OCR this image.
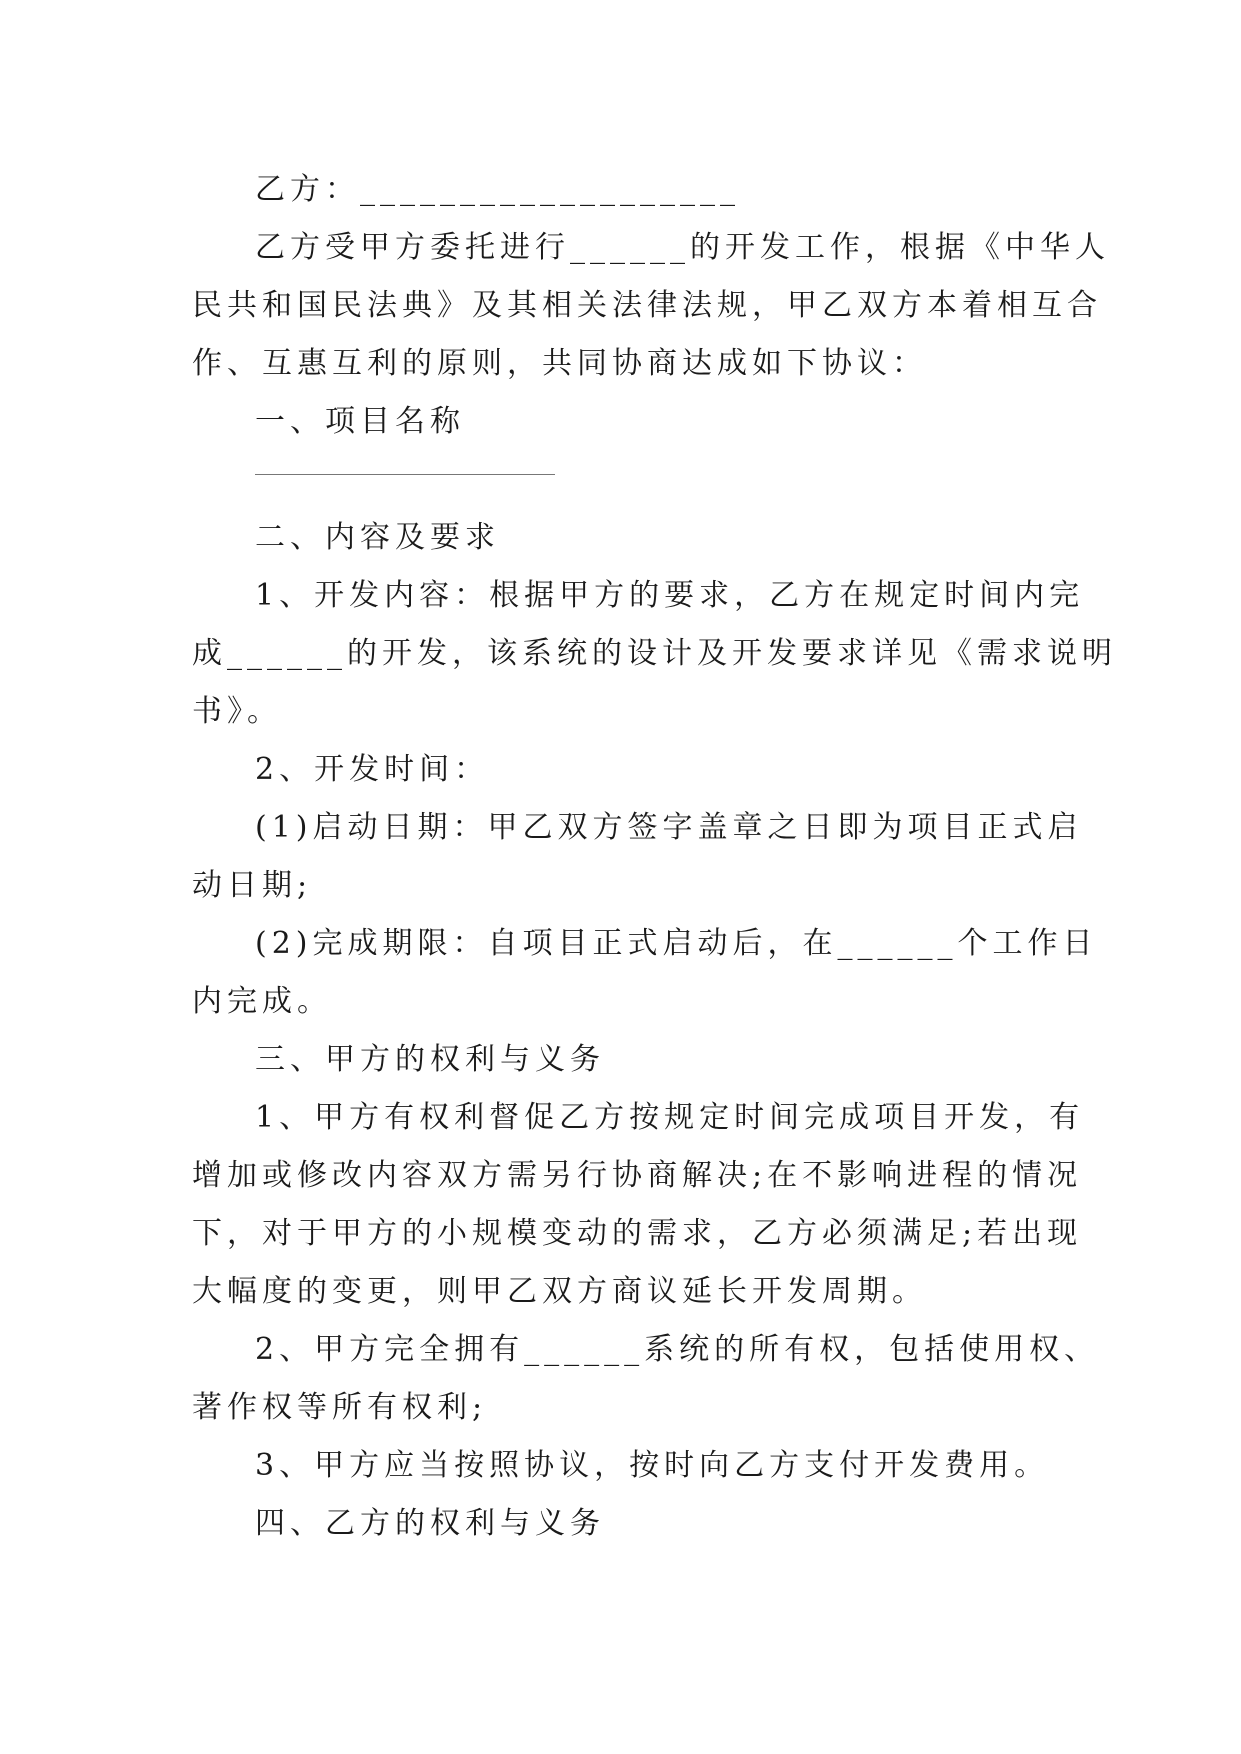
乙方：___________________
乙方受甲方委托进行______的开发工作，根据《中华人
民共和国民法典》及其相关法律法规，甲乙双方本着相互合
作、互惠互利的原则，共同协商达成如下协议：
一、项目名称
二、内容及要求
1、开发内容：根据甲方的要求，乙方在规定时间内完
成______的开发，该系统的设计及开发要求详见《需求说明
书》。
2、开发时间：
(1)启动日期：甲乙双方签字盖章之日即为项目正式启
动日期;
(2)完成期限：自项目正式启动后，在______个工作日
内完成。
三、甲方的权利与义务
1、甲方有权利督促乙方按规定时间完成项目开发，有
增加或修改内容双方需另行协商解决;在不影响进程的情况
下，对于甲方的小规模变动的需求，乙方必须满足;若出现
大幅度的变更，则甲乙双方商议延长开发周期。
2、甲方完全拥有______系统的所有权，包括使用权、
著作权等所有权利;
3、甲方应当按照协议，按时向乙方支付开发费用。
四、乙方的权利与义务
